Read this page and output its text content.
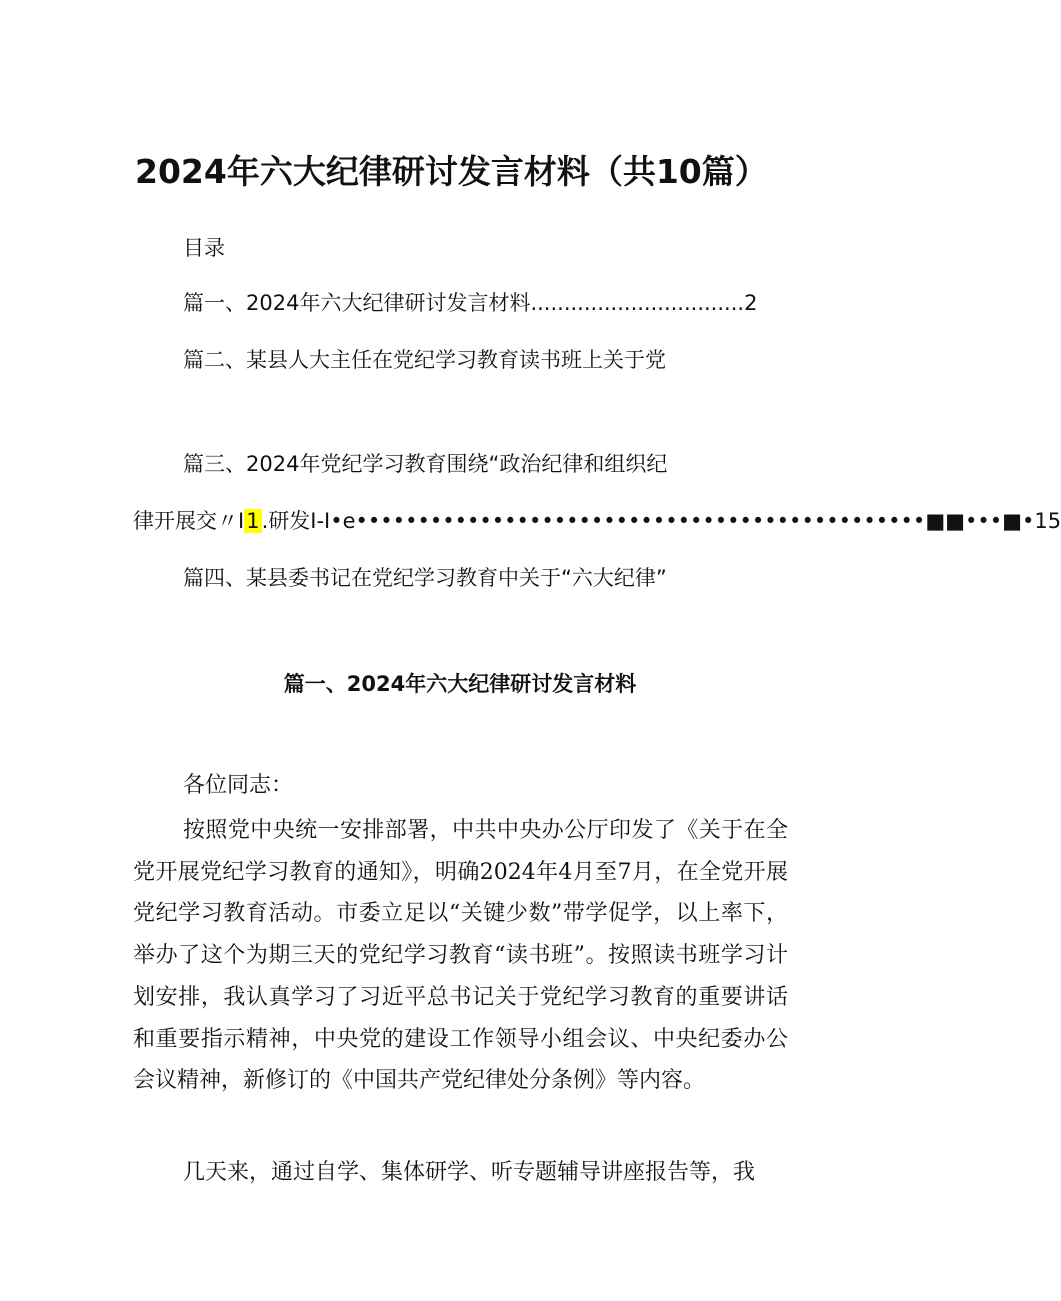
2024年六大纪律研讨发言材料（共10篇）
目录
篇一、2024年六大纪律研讨发言材料................................2
篇二、某县人大主任在党纪学习教育读书班上关于党
篇三、2024年党纪学习教育围绕“政治纪律和组织纪
律开展交〃I1.研发I-I•e••••••••••••••••••••••••••••••••••••••••••••••■■•••■•15
篇四、某县委书记在党纪学习教育中关于“六大纪律”
篇一、2024年六大纪律研讨发言材料
各位同志：
按照党中央统一安排部署，中共中央办公厅印发了《关于在全党开展党纪学习教育的通知》，明确2024年4月至7月，在全党开展党纪学习教育活动。市委立足以“关键少数”带学促学，以上率下，举办了这个为期三天的党纪学习教育“读书班”。按照读书班学习计划安排，我认真学习了习近平总书记关于党纪学习教育的重要讲话和重要指示精神，中央党的建设工作领导小组会议、中央纪委办公会议精神，新修订的《中国共产党纪律处分条例》等内容。
几天来，通过自学、集体研学、听专题辅导讲座报告等，我
